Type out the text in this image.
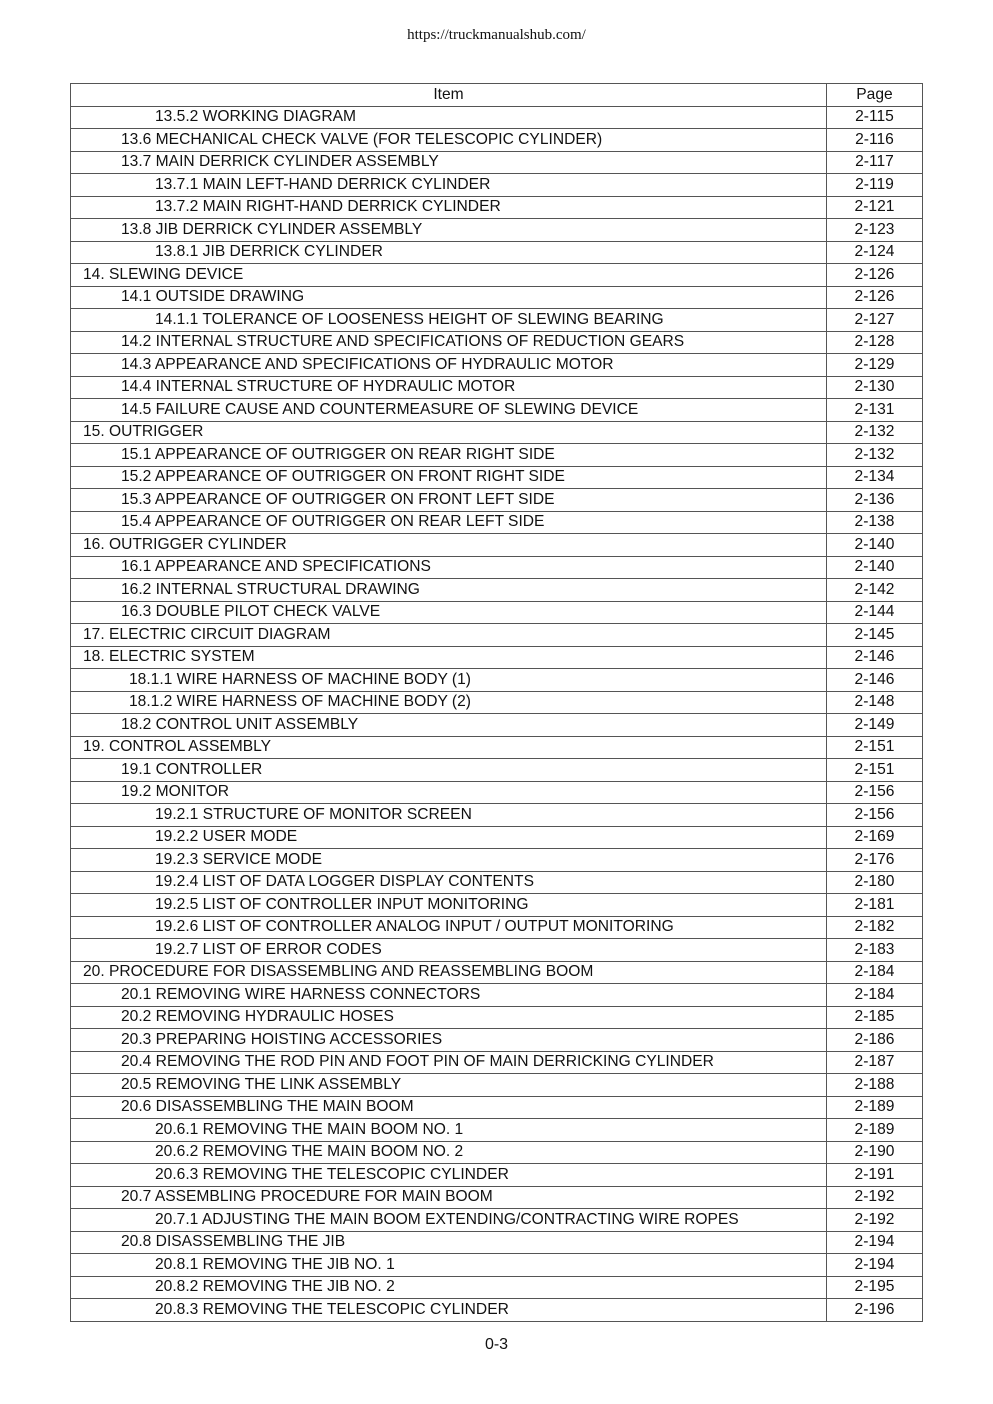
https://truckmanualshub.com/
Item	Page
13.5.2 WORKING DIAGRAM	2-115
13.6 MECHANICAL CHECK VALVE (FOR TELESCOPIC CYLINDER)	2-116
13.7 MAIN DERRICK CYLINDER ASSEMBLY	2-117
13.7.1 MAIN LEFT-HAND DERRICK CYLINDER	2-119
13.7.2 MAIN RIGHT-HAND DERRICK CYLINDER	2-121
13.8 JIB DERRICK CYLINDER ASSEMBLY	2-123
13.8.1 JIB DERRICK CYLINDER	2-124
14. SLEWING DEVICE	2-126
14.1 OUTSIDE DRAWING	2-126
14.1.1 TOLERANCE OF LOOSENESS HEIGHT OF SLEWING BEARING	2-127
14.2 INTERNAL STRUCTURE AND SPECIFICATIONS OF REDUCTION GEARS	2-128
14.3 APPEARANCE AND SPECIFICATIONS OF HYDRAULIC MOTOR	2-129
14.4 INTERNAL STRUCTURE OF HYDRAULIC MOTOR	2-130
14.5 FAILURE CAUSE AND COUNTERMEASURE OF SLEWING DEVICE	2-131
15. OUTRIGGER	2-132
15.1 APPEARANCE OF OUTRIGGER ON REAR RIGHT SIDE	2-132
15.2 APPEARANCE OF OUTRIGGER ON FRONT RIGHT SIDE	2-134
15.3 APPEARANCE OF OUTRIGGER ON FRONT LEFT SIDE	2-136
15.4 APPEARANCE OF OUTRIGGER ON REAR LEFT SIDE	2-138
16. OUTRIGGER CYLINDER	2-140
16.1 APPEARANCE AND SPECIFICATIONS	2-140
16.2 INTERNAL STRUCTURAL DRAWING	2-142
16.3 DOUBLE PILOT CHECK VALVE	2-144
17. ELECTRIC CIRCUIT DIAGRAM	2-145
18. ELECTRIC SYSTEM	2-146
18.1.1 WIRE HARNESS OF MACHINE BODY (1)	2-146
18.1.2 WIRE HARNESS OF MACHINE BODY (2)	2-148
18.2 CONTROL UNIT ASSEMBLY	2-149
19. CONTROL ASSEMBLY	2-151
19.1 CONTROLLER	2-151
19.2 MONITOR	2-156
19.2.1 STRUCTURE OF MONITOR SCREEN	2-156
19.2.2 USER MODE	2-169
19.2.3 SERVICE MODE	2-176
19.2.4 LIST OF DATA LOGGER DISPLAY CONTENTS	2-180
19.2.5 LIST OF CONTROLLER INPUT MONITORING	2-181
19.2.6 LIST OF CONTROLLER ANALOG INPUT / OUTPUT MONITORING	2-182
19.2.7 LIST OF ERROR CODES	2-183
20. PROCEDURE FOR DISASSEMBLING AND REASSEMBLING BOOM	2-184
20.1 REMOVING WIRE HARNESS CONNECTORS	2-184
20.2 REMOVING HYDRAULIC HOSES	2-185
20.3 PREPARING HOISTING ACCESSORIES	2-186
20.4 REMOVING THE ROD PIN AND FOOT PIN OF MAIN DERRICKING CYLINDER	2-187
20.5 REMOVING THE LINK ASSEMBLY	2-188
20.6 DISASSEMBLING THE MAIN BOOM	2-189
20.6.1 REMOVING THE MAIN BOOM NO. 1	2-189
20.6.2 REMOVING THE MAIN BOOM NO. 2	2-190
20.6.3 REMOVING THE TELESCOPIC CYLINDER	2-191
20.7 ASSEMBLING PROCEDURE FOR MAIN BOOM	2-192
20.7.1 ADJUSTING THE MAIN BOOM EXTENDING/CONTRACTING WIRE ROPES	2-192
20.8 DISASSEMBLING THE JIB	2-194
20.8.1 REMOVING THE JIB NO. 1	2-194
20.8.2 REMOVING THE JIB NO. 2	2-195
20.8.3 REMOVING THE TELESCOPIC CYLINDER	2-196
0-3
